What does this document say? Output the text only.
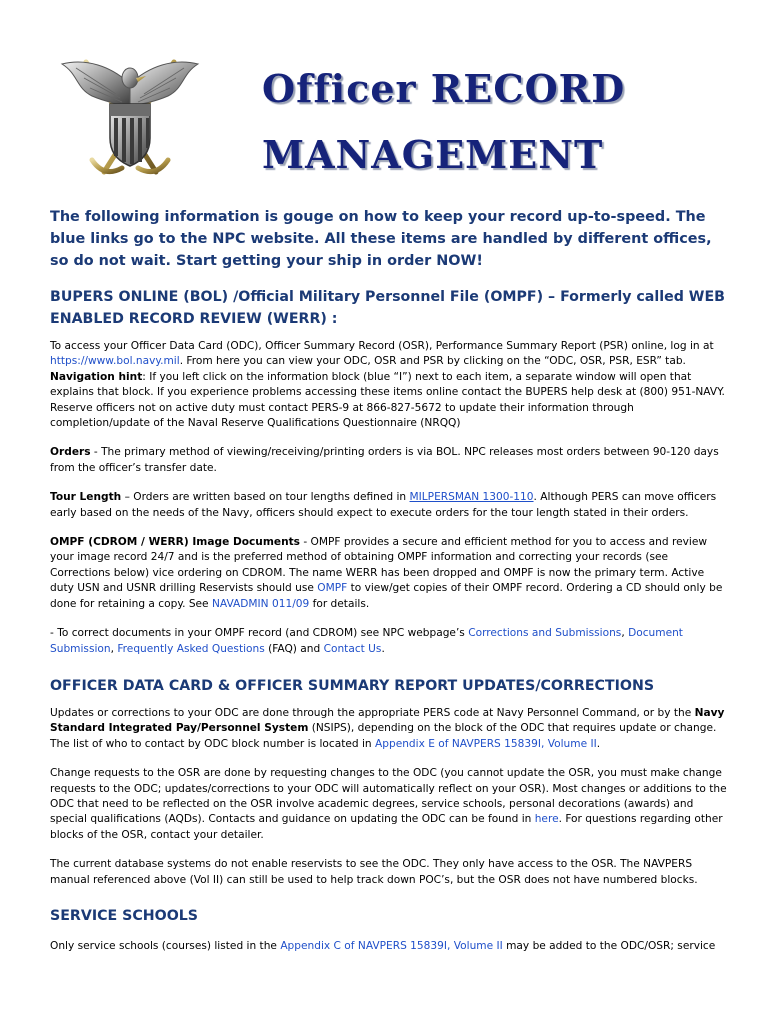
Officer RECORD
MANAGEMENT

The following information is gouge on how to keep your record up-to-speed. The blue links go to the NPC website. All these items are handled by different offices, so do not wait. Start getting your ship in order NOW!

BUPERS ONLINE (BOL) /Official Military Personnel File (OMPF) – Formerly called WEB ENABLED RECORD REVIEW (WERR) :

To access your Officer Data Card (ODC), Officer Summary Record (OSR), Performance Summary Report (PSR) online, log in at https://www.bol.navy.mil. From here you can view your ODC, OSR and PSR by clicking on the “ODC, OSR, PSR, ESR” tab. Navigation hint: If you left click on the information block (blue “I”) next to each item, a separate window will open that explains that block. If you experience problems accessing these items online contact the BUPERS help desk at (800) 951-NAVY. Reserve officers not on active duty must contact PERS-9 at 866-827-5672 to update their information through completion/update of the Naval Reserve Qualifications Questionnaire (NRQQ)

Orders - The primary method of viewing/receiving/printing orders is via BOL. NPC releases most orders between 90-120 days from the officer’s transfer date.

Tour Length – Orders are written based on tour lengths defined in MILPERSMAN 1300-110. Although PERS can move officers early based on the needs of the Navy, officers should expect to execute orders for the tour length stated in their orders.

OMPF (CDROM / WERR) Image Documents - OMPF provides a secure and efficient method for you to access and review your image record 24/7 and is the preferred method of obtaining OMPF information and correcting your records (see Corrections below) vice ordering on CDROM. The name WERR has been dropped and OMPF is now the primary term. Active duty USN and USNR drilling Reservists should use OMPF to view/get copies of their OMPF record. Ordering a CD should only be done for retaining a copy. See NAVADMIN 011/09 for details.

- To correct documents in your OMPF record (and CDROM) see NPC webpage’s Corrections and Submissions, Document Submission, Frequently Asked Questions (FAQ) and Contact Us.

OFFICER DATA CARD & OFFICER SUMMARY REPORT UPDATES/CORRECTIONS

Updates or corrections to your ODC are done through the appropriate PERS code at Navy Personnel Command, or by the Navy Standard Integrated Pay/Personnel System (NSIPS), depending on the block of the ODC that requires update or change. The list of who to contact by ODC block number is located in Appendix E of NAVPERS 15839I, Volume II.

Change requests to the OSR are done by requesting changes to the ODC (you cannot update the OSR, you must make change requests to the ODC; updates/corrections to your ODC will automatically reflect on your OSR). Most changes or additions to the ODC that need to be reflected on the OSR involve academic degrees, service schools, personal decorations (awards) and special qualifications (AQDs). Contacts and guidance on updating the ODC can be found in here. For questions regarding other blocks of the OSR, contact your detailer.

The current database systems do not enable reservists to see the ODC. They only have access to the OSR. The NAVPERS manual referenced above (Vol II) can still be used to help track down POC’s, but the OSR does not have numbered blocks.

SERVICE SCHOOLS

Only service schools (courses) listed in the Appendix C of NAVPERS 15839I, Volume II may be added to the ODC/OSR; service
